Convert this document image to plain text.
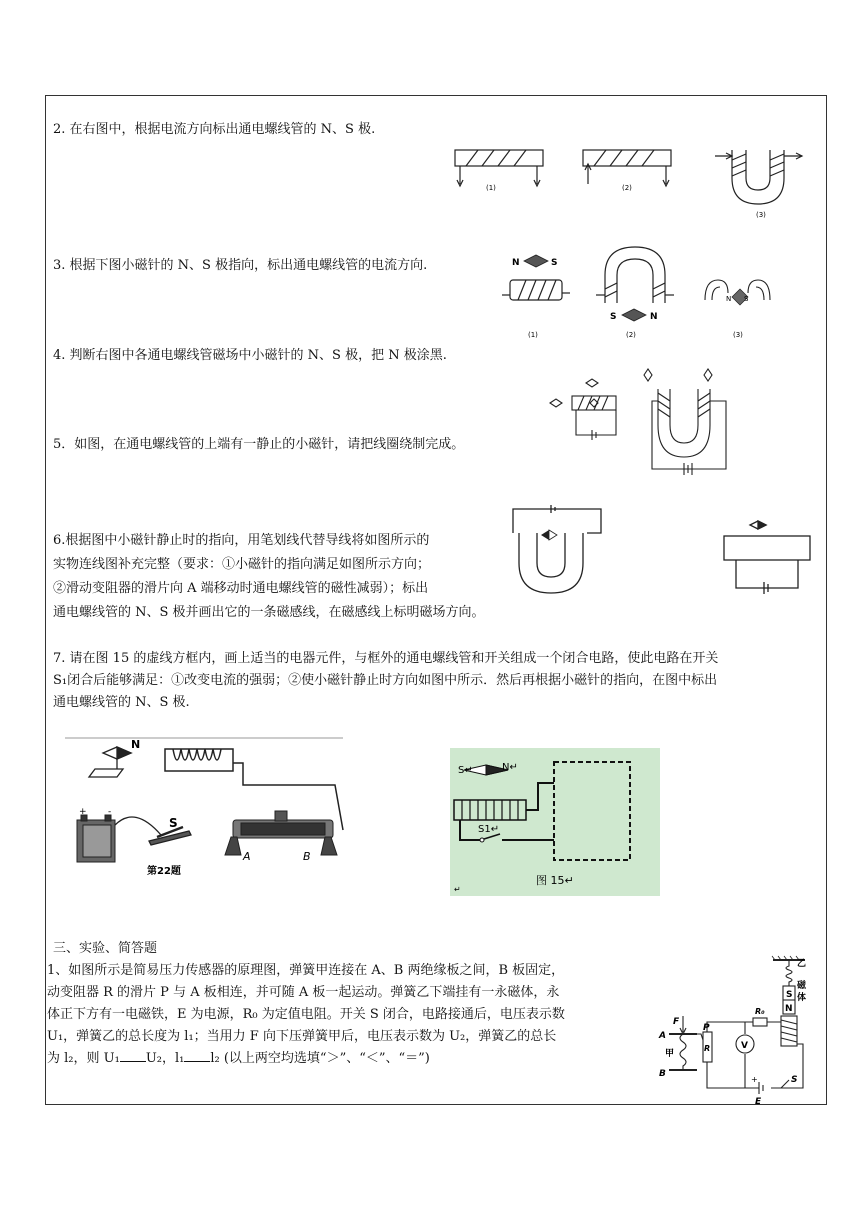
2. 在右图中，根据电流方向标出通电螺线管的 N、S 极.
(1)	(2)
(3)
3. 根据下图小磁针的 N、S 极指向，标出通电螺线管的电流方向.	N	S
(1)
S	N
(2)
N S
(3)
4. 判断右图中各通电螺线管磁场中小磁针的 N、S 极，把 N 极涂黑.
5．如图，在通电螺线管的上端有一静止的小磁针，请把线圈绕制完成。
6.根据图中小磁针静止时的指向，用笔划线代替导线将如图所示的
实物连线图补充完整（要求：①小磁针的指向满足如图所示方向；
②滑动变阻器的滑片向 A 端移动时通电螺线管的磁性减弱）；标出
通电螺线管的 N、S 极并画出它的一条磁感线，在磁感线上标明磁场方向。
7. 请在图 15 的虚线方框内，画上适当的电器元件，与框外的通电螺线管和开关组成一个闭合电路，使此电路在开关
S₁闭合后能够满足：①改变电流的强弱；②使小磁针静止时方向如图中所示．然后再根据小磁针的指向，在图中标出
通电螺线管的 N、S 极.
N
+ -
S
A	B
第22题
S↵	N↵
S1↵
图 15↵
↵
三、实验、简答题
1、如图所示是简易压力传感器的原理图，弹簧甲连接在 A、B 两绝缘板之间，B 板固定，
动变阻器 R 的滑片 P 与 A 板相连，并可随 A 板一起运动。弹簧乙下端挂有一永磁体，永
体正下方有一电磁铁，E 为电源，R₀ 为定值电阻。开关 S 闭合，电路接通后，电压表示数
U₁，弹簧乙的总长度为 l₁；当用力 F 向下压弹簧甲后，电压表示数为 U₂，弹簧乙的总长
为 l₂，则 U₁ U₂，l₁ l₂ (以上两空均选填“＞”、“＜”、“＝”)
乙
磁
体
S
N
F
A
B
甲
P
R
R₀
V
E
+	S
